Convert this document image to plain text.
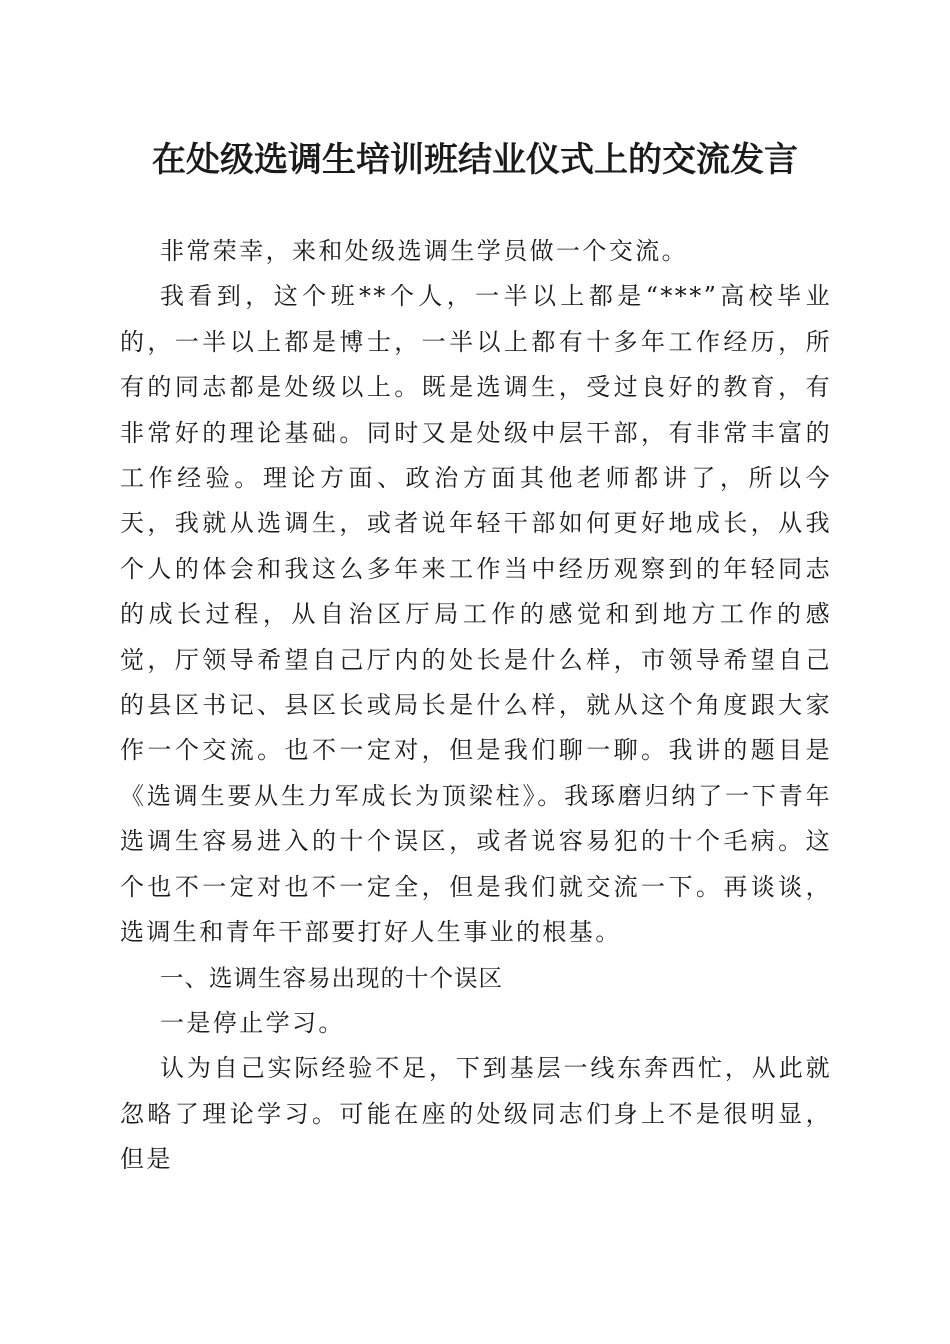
在处级选调生培训班结业仪式上的交流发言

非常荣幸，来和处级选调生学员做一个交流。

我看到，这个班**个人，一半以上都是“***”高校毕业的，一半以上都是博士，一半以上都有十多年工作经历，所有的同志都是处级以上。既是选调生，受过良好的教育，有非常好的理论基础。同时又是处级中层干部，有非常丰富的工作经验。理论方面、政治方面其他老师都讲了，所以今天，我就从选调生，或者说年轻干部如何更好地成长，从我个人的体会和我这么多年来工作当中经历观察到的年轻同志的成长过程，从自治区厅局工作的感觉和到地方工作的感觉，厅领导希望自己厅内的处长是什么样，市领导希望自己的县区书记、县区长或局长是什么样，就从这个角度跟大家作一个交流。也不一定对，但是我们聊一聊。我讲的题目是《选调生要从生力军成长为顶梁柱》。我琢磨归纳了一下青年选调生容易进入的十个误区，或者说容易犯的十个毛病。这个也不一定对也不一定全，但是我们就交流一下。再谈谈，选调生和青年干部要打好人生事业的根基。

一、选调生容易出现的十个误区

一是停止学习。

认为自己实际经验不足，下到基层一线东奔西忙，从此就忽略了理论学习。可能在座的处级同志们身上不是很明显，但是
